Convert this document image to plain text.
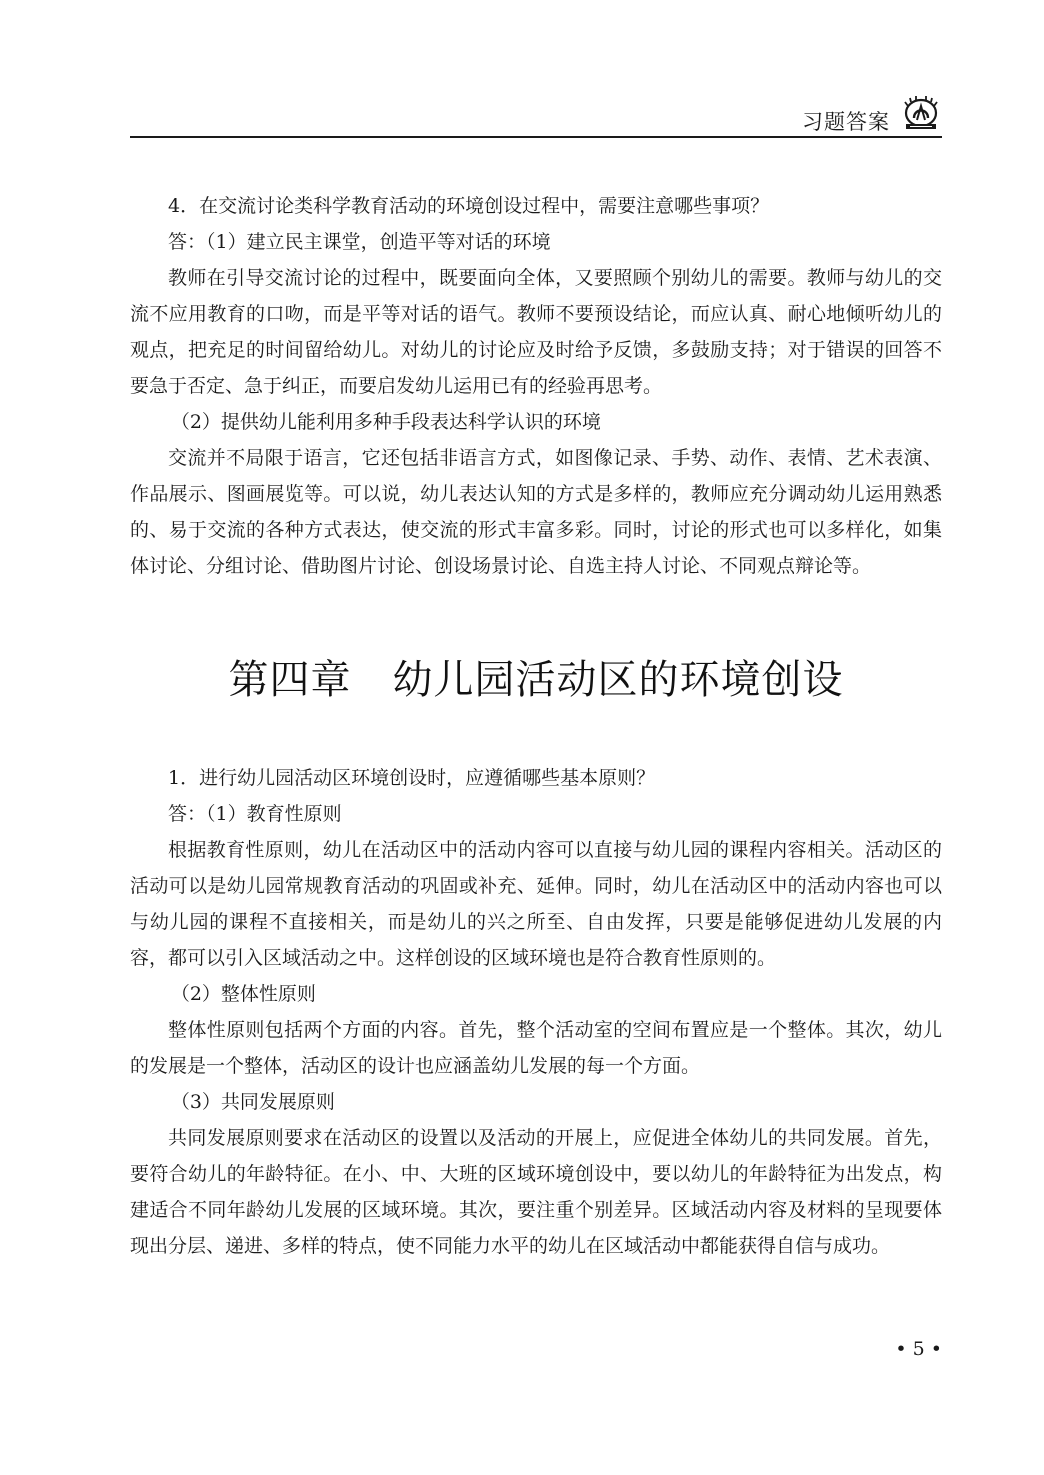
习题答案

4．在交流讨论类科学教育活动的环境创设过程中，需要注意哪些事项？

答：（1）建立民主课堂，创造平等对话的环境

教师在引导交流讨论的过程中，既要面向全体，又要照顾个别幼儿的需要。教师与幼儿的交流不应用教育的口吻，而是平等对话的语气。教师不要预设结论，而应认真、耐心地倾听幼儿的观点，把充足的时间留给幼儿。对幼儿的讨论应及时给予反馈，多鼓励支持；对于错误的回答不要急于否定、急于纠正，而要启发幼儿运用已有的经验再思考。

（2）提供幼儿能利用多种手段表达科学认识的环境

交流并不局限于语言，它还包括非语言方式，如图像记录、手势、动作、表情、艺术表演、作品展示、图画展览等。可以说，幼儿表达认知的方式是多样的，教师应充分调动幼儿运用熟悉的、易于交流的各种方式表达，使交流的形式丰富多彩。同时，讨论的形式也可以多样化，如集体讨论、分组讨论、借助图片讨论、创设场景讨论、自选主持人讨论、不同观点辩论等。

第四章　幼儿园活动区的环境创设

1．进行幼儿园活动区环境创设时，应遵循哪些基本原则？

答：（1）教育性原则

根据教育性原则，幼儿在活动区中的活动内容可以直接与幼儿园的课程内容相关。活动区的活动可以是幼儿园常规教育活动的巩固或补充、延伸。同时，幼儿在活动区中的活动内容也可以与幼儿园的课程不直接相关，而是幼儿的兴之所至、自由发挥，只要是能够促进幼儿发展的内容，都可以引入区域活动之中。这样创设的区域环境也是符合教育性原则的。

（2）整体性原则

整体性原则包括两个方面的内容。首先，整个活动室的空间布置应是一个整体。其次，幼儿的发展是一个整体，活动区的设计也应涵盖幼儿发展的每一个方面。

（3）共同发展原则

共同发展原则要求在活动区的设置以及活动的开展上，应促进全体幼儿的共同发展。首先，要符合幼儿的年龄特征。在小、中、大班的区域环境创设中，要以幼儿的年龄特征为出发点，构建适合不同年龄幼儿发展的区域环境。其次，要注重个别差异。区域活动内容及材料的呈现要体现出分层、递进、多样的特点，使不同能力水平的幼儿在区域活动中都能获得自信与成功。

• 5 •
